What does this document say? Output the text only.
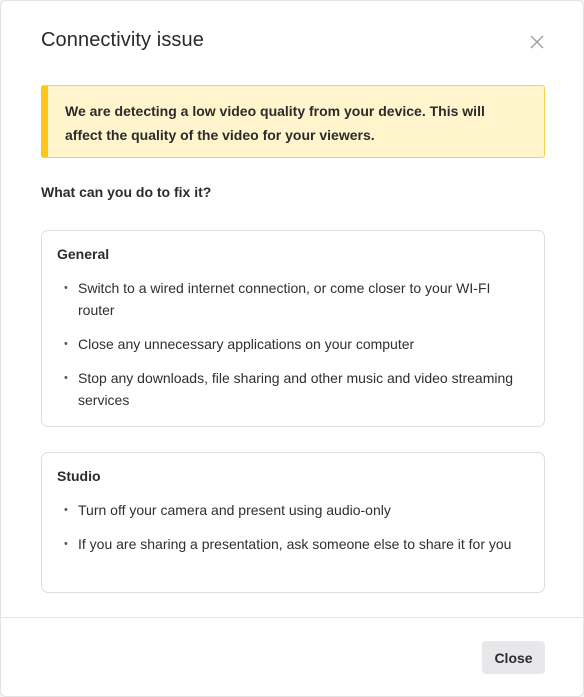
Connectivity issue
We are detecting a low video quality from your device. This will affect the quality of the video for your viewers.
What can you do to fix it?
General
• Switch to a wired internet connection, or come closer to your WI-FI router
• Close any unnecessary applications on your computer
• Stop any downloads, file sharing and other music and video streaming services
Studio
• Turn off your camera and present using audio-only
• If you are sharing a presentation, ask someone else to share it for you
Close
